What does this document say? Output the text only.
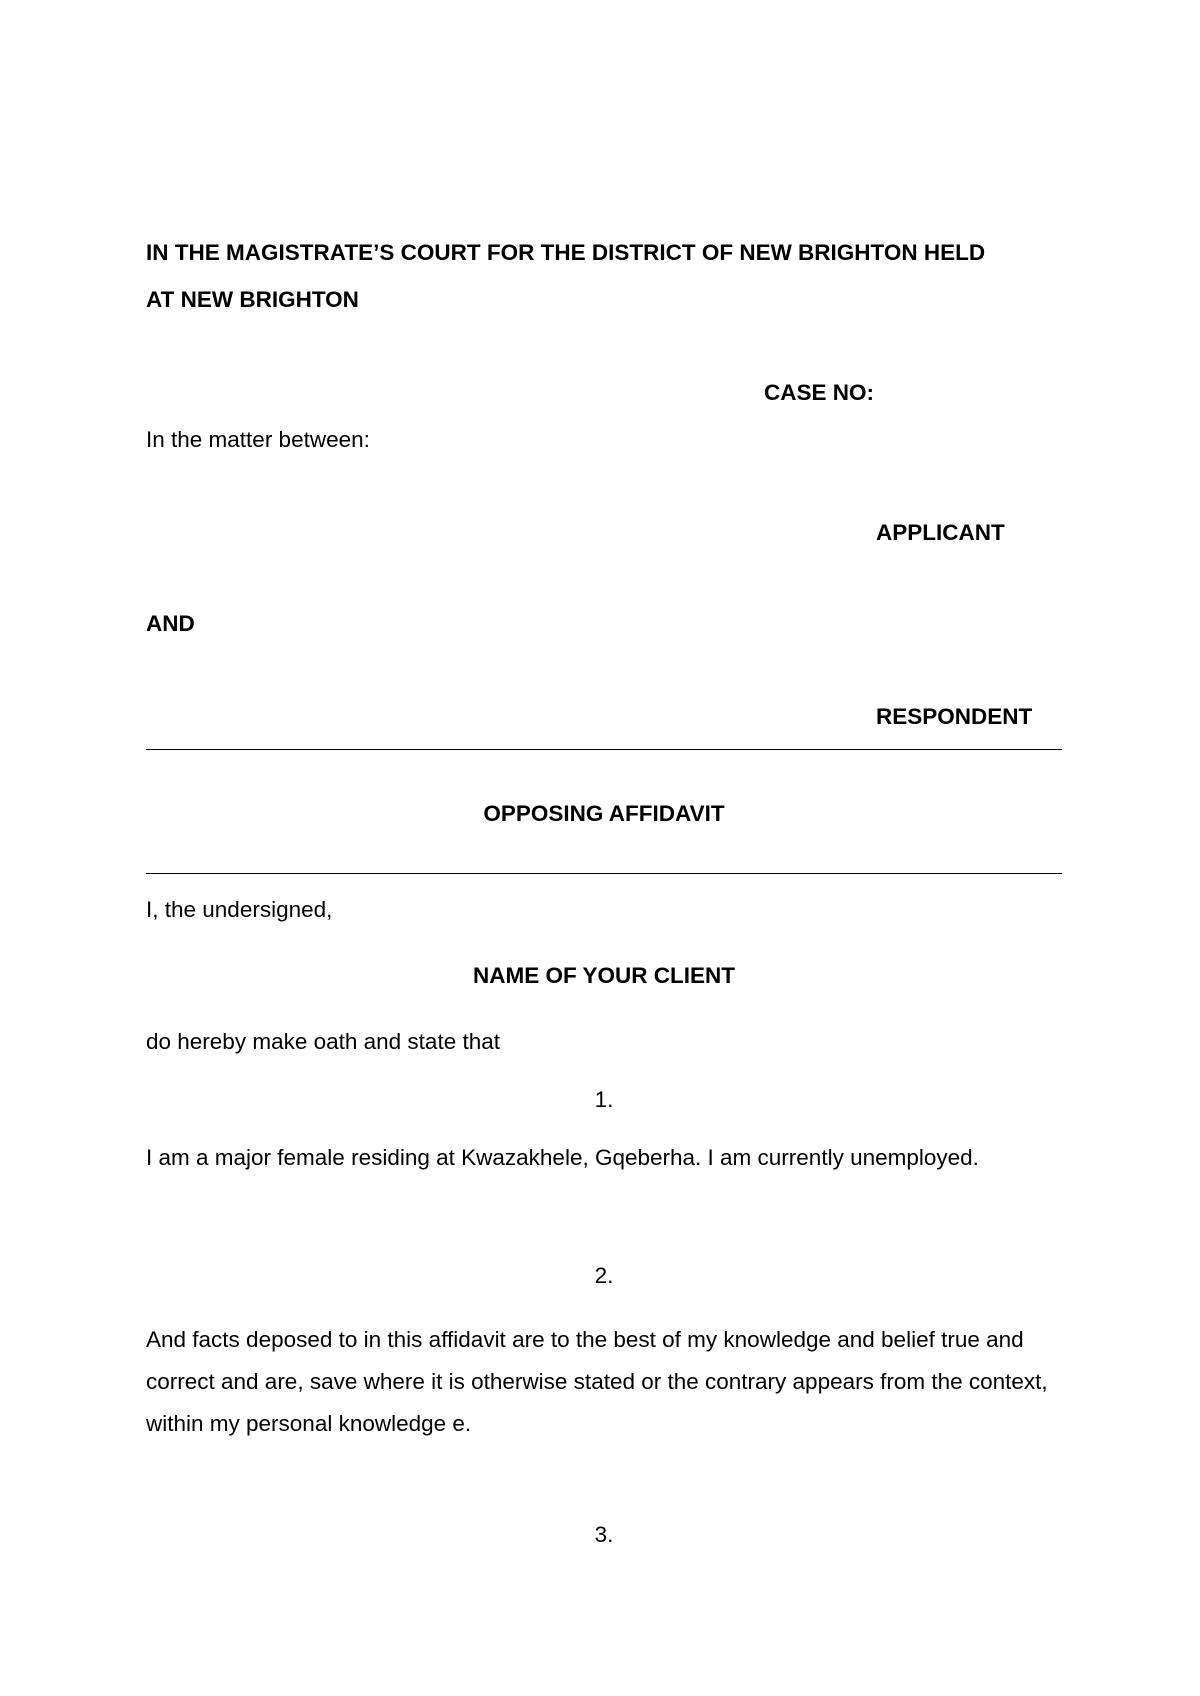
IN THE MAGISTRATE’S COURT FOR THE DISTRICT OF NEW BRIGHTON HELD

AT NEW BRIGHTON

CASE NO:

In the matter between:

APPLICANT

AND

RESPONDENT

OPPOSING AFFIDAVIT

I, the undersigned,

NAME OF YOUR CLIENT

do hereby make oath and state that

1.

I am a major female residing at Kwazakhele, Gqeberha. I am currently unemployed.

2.

And facts deposed to in this affidavit are to the best of my knowledge and belief true and correct and are, save where it is otherwise stated or the contrary appears from the context, within my personal knowledge e.

3.
